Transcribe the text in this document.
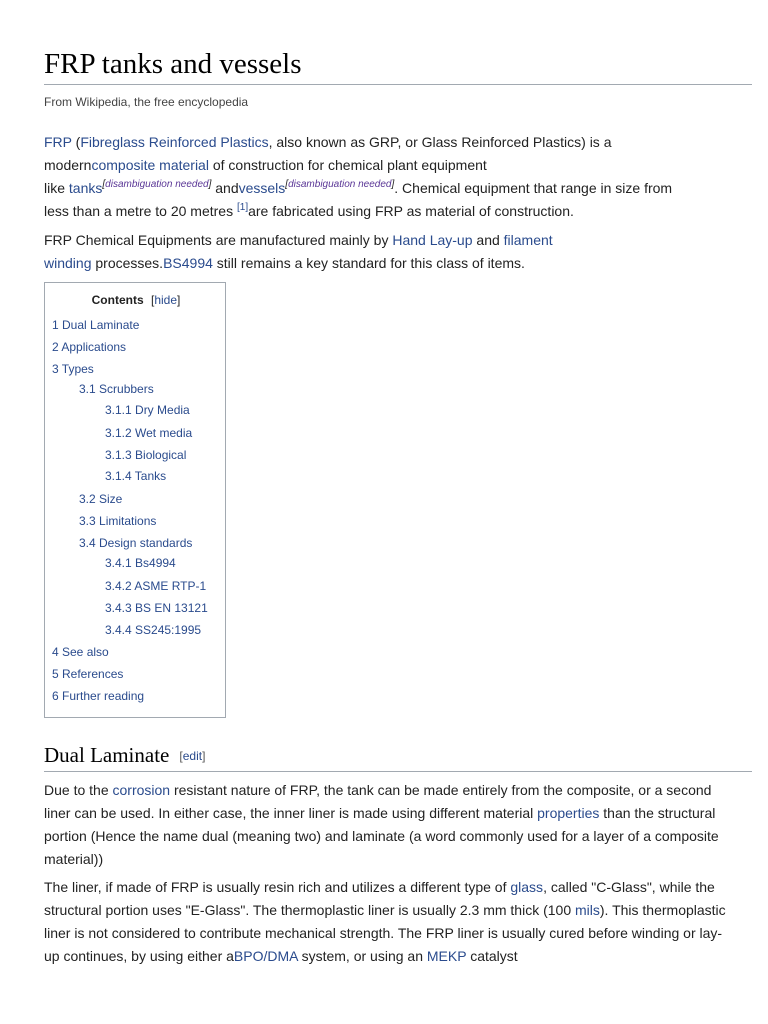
FRP tanks and vessels
From Wikipedia, the free encyclopedia
FRP (Fibreglass Reinforced Plastics, also known as GRP, or Glass Reinforced Plastics) is a
moderncomposite material of construction for chemical plant equipment
like tanks[disambiguation needed] andvessels[disambiguation needed]. Chemical equipment that range in size from
less than a metre to 20 metres [1]are fabricated using FRP as material of construction.
FRP Chemical Equipments are manufactured mainly by Hand Lay-up and filament
winding processes.BS4994 still remains a key standard for this class of items.
Contents [hide]
1 Dual Laminate
2 Applications
3 Types
3.1 Scrubbers
3.1.1 Dry Media
3.1.2 Wet media
3.1.3 Biological
3.1.4 Tanks
3.2 Size
3.3 Limitations
3.4 Design standards
3.4.1 Bs4994
3.4.2 ASME RTP-1
3.4.3 BS EN 13121
3.4.4 SS245:1995
4 See also
5 References
6 Further reading
Dual Laminate [edit]
Due to the corrosion resistant nature of FRP, the tank can be made entirely from the composite, or a second liner can be used. In either case, the inner liner is made using different material properties than the structural portion (Hence the name dual (meaning two) and laminate (a word commonly used for a layer of a composite material))
The liner, if made of FRP is usually resin rich and utilizes a different type of glass, called "C-Glass", while the structural portion uses "E-Glass". The thermoplastic liner is usually 2.3 mm thick (100 mils). This thermoplastic liner is not considered to contribute mechanical strength. The FRP liner is usually cured before winding or lay-up continues, by using either aBPO/DMA system, or using an MEKP catalyst
